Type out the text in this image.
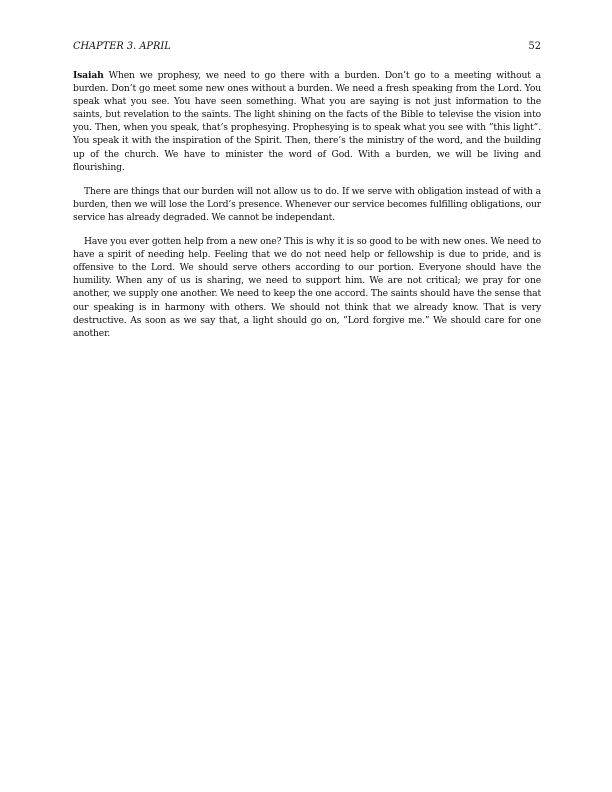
CHAPTER 3. APRIL	52

Isaiah When we prophesy, we need to go there with a burden. Don’t go to a meeting without a burden. Don’t go meet some new ones without a burden. We need a fresh speaking from the Lord. You speak what you see. You have seen something. What you are saying is not just information to the saints, but revelation to the saints. The light shining on the facts of the Bible to televise the vision into you. Then, when you speak, that’s prophesying. Prophesying is to speak what you see with ”this light”. You speak it with the inspiration of the Spirit. Then, there’s the ministry of the word, and the building up of the church. We have to minister the word of God. With a burden, we will be living and flourishing.

There are things that our burden will not allow us to do. If we serve with obligation instead of with a burden, then we will lose the Lord’s presence. Whenever our service becomes fulfilling obligations, our service has already degraded. We cannot be independant.

Have you ever gotten help from a new one? This is why it is so good to be with new ones. We need to have a spirit of needing help. Feeling that we do not need help or fellowship is due to pride, and is offensive to the Lord. We should serve others according to our portion. Everyone should have the humility. When any of us is sharing, we need to support him. We are not critical; we pray for one another, we supply one another. We need to keep the one accord. The saints should have the sense that our speaking is in harmony with others. We should not think that we already know. That is very destructive. As soon as we say that, a light should go on, ”Lord forgive me.” We should care for one another.
